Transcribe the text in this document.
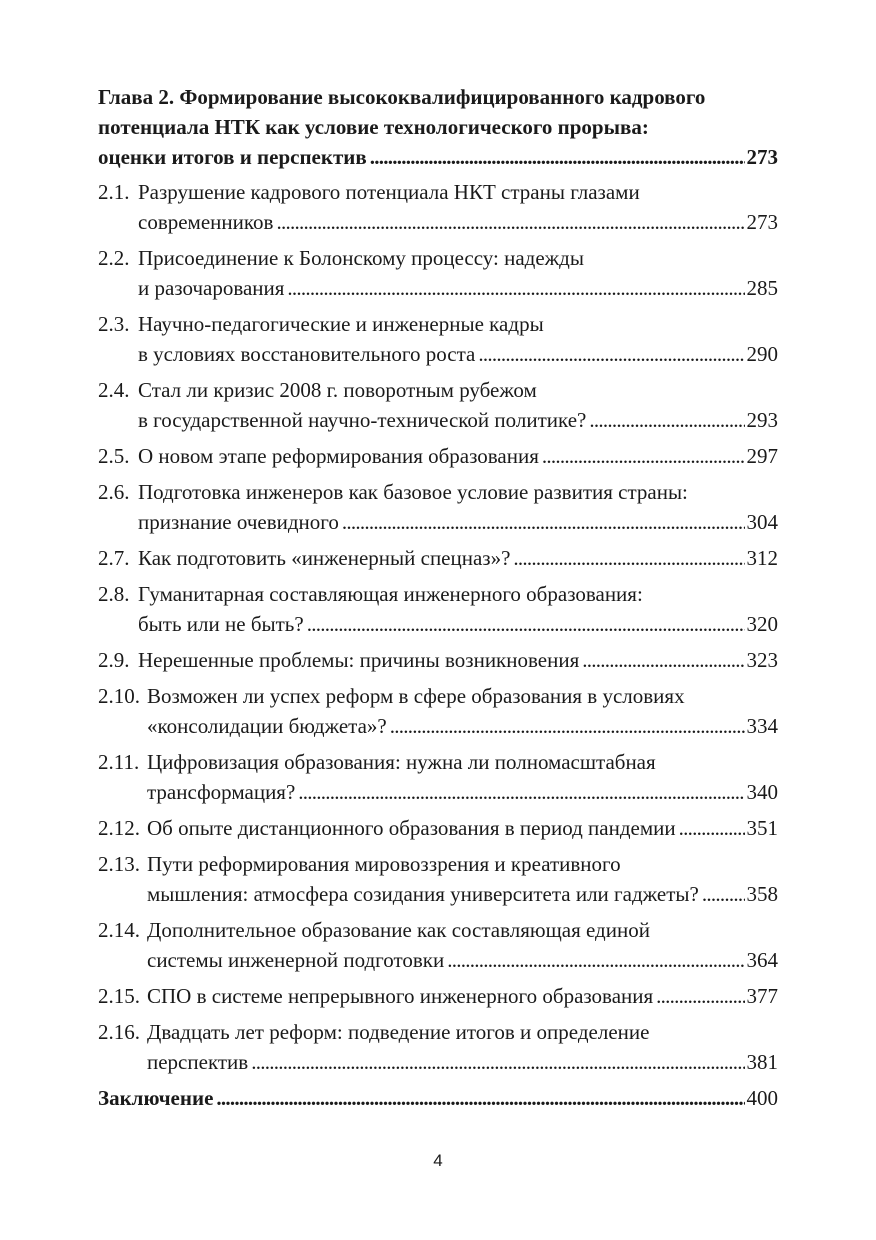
Глава 2. Формирование высококвалифицированного кадрового
потенциала НТК как условие технологического прорыва:
оценки итогов и перспектив . . .	273
2.1. Разрушение кадрового потенциала НКТ страны глазами
современников . . .	273
2.2. Присоединение к Болонскому процессу: надежды
и разочарования . . .	285
2.3. Научно-педагогические и инженерные кадры
в условиях восстановительного роста . . .	290
2.4. Стал ли кризис 2008 г. поворотным рубежом
в государственной научно-технической политике? . . .	293
2.5. О новом этапе реформирования образования . . .	297
2.6. Подготовка инженеров как базовое условие развития страны:
признание очевидного . . .	304
2.7. Как подготовить «инженерный спецназ»? . . .	312
2.8. Гуманитарная составляющая инженерного образования:
быть или не быть? . . .	320
2.9. Нерешенные проблемы: причины возникновения . . .	323
2.10. Возможен ли успех реформ в сфере образования в условиях
«консолидации бюджета»? . . .	334
2.11. Цифровизация образования: нужна ли полномасштабная
трансформация? . . .	340
2.12. Об опыте дистанционного образования в период пандемии . . .	351
2.13. Пути реформирования мировоззрения и креативного
мышления: атмосфера созидания университета или гаджеты? . . . 358
2.14. Дополнительное образование как составляющая единой
системы инженерной подготовки . . .	364
2.15. СПО в системе непрерывного инженерного образования . . .	377
2.16. Двадцать лет реформ: подведение итогов и определение
перспектив . . .	381
Заключение . . .	400
4
